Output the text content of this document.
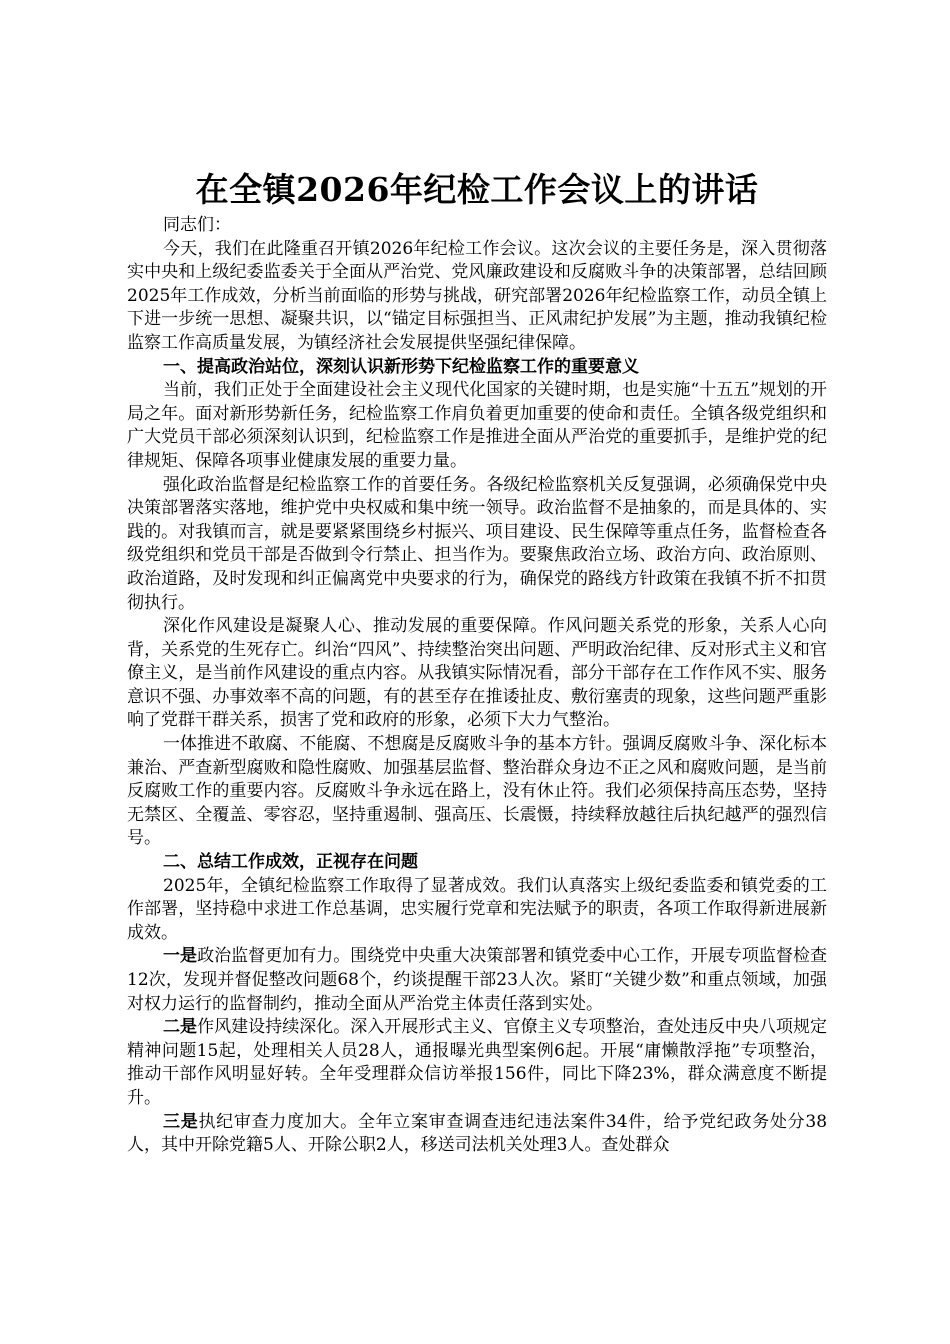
在全镇2026年纪检工作会议上的讲话

同志们：

今天，我们在此隆重召开镇2026年纪检工作会议。这次会议的主要任务是，深入贯彻落实中央和上级纪委监委关于全面从严治党、党风廉政建设和反腐败斗争的决策部署，总结回顾2025年工作成效，分析当前面临的形势与挑战，研究部署2026年纪检监察工作，动员全镇上下进一步统一思想、凝聚共识，以“锚定目标强担当、正风肃纪护发展”为主题，推动我镇纪检监察工作高质量发展，为镇经济社会发展提供坚强纪律保障。

一、提高政治站位，深刻认识新形势下纪检监察工作的重要意义

当前，我们正处于全面建设社会主义现代化国家的关键时期，也是实施“十五五”规划的开局之年。面对新形势新任务，纪检监察工作肩负着更加重要的使命和责任。全镇各级党组织和广大党员干部必须深刻认识到，纪检监察工作是推进全面从严治党的重要抓手，是维护党的纪律规矩、保障各项事业健康发展的重要力量。

强化政治监督是纪检监察工作的首要任务。各级纪检监察机关反复强调，必须确保党中央决策部署落实落地，维护党中央权威和集中统一领导。政治监督不是抽象的，而是具体的、实践的。对我镇而言，就是要紧紧围绕乡村振兴、项目建设、民生保障等重点任务，监督检查各级党组织和党员干部是否做到令行禁止、担当作为。要聚焦政治立场、政治方向、政治原则、政治道路，及时发现和纠正偏离党中央要求的行为，确保党的路线方针政策在我镇不折不扣贯彻执行。

深化作风建设是凝聚人心、推动发展的重要保障。作风问题关系党的形象，关系人心向背，关系党的生死存亡。纠治“四风”、持续整治突出问题、严明政治纪律、反对形式主义和官僚主义，是当前作风建设的重点内容。从我镇实际情况看，部分干部存在工作作风不实、服务意识不强、办事效率不高的问题，有的甚至存在推诿扯皮、敷衍塞责的现象，这些问题严重影响了党群干群关系，损害了党和政府的形象，必须下大力气整治。

一体推进不敢腐、不能腐、不想腐是反腐败斗争的基本方针。强调反腐败斗争、深化标本兼治、严查新型腐败和隐性腐败、加强基层监督、整治群众身边不正之风和腐败问题，是当前反腐败工作的重要内容。反腐败斗争永远在路上，没有休止符。我们必须保持高压态势，坚持无禁区、全覆盖、零容忍，坚持重遏制、强高压、长震慑，持续释放越往后执纪越严的强烈信号。

二、总结工作成效，正视存在问题

2025年，全镇纪检监察工作取得了显著成效。我们认真落实上级纪委监委和镇党委的工作部署，坚持稳中求进工作总基调，忠实履行党章和宪法赋予的职责，各项工作取得新进展新成效。

一是政治监督更加有力。围绕党中央重大决策部署和镇党委中心工作，开展专项监督检查12次，发现并督促整改问题68个，约谈提醒干部23人次。紧盯“关键少数”和重点领域，加强对权力运行的监督制约，推动全面从严治党主体责任落到实处。

二是作风建设持续深化。深入开展形式主义、官僚主义专项整治，查处违反中央八项规定精神问题15起，处理相关人员28人，通报曝光典型案例6起。开展“庸懒散浮拖”专项整治，推动干部作风明显好转。全年受理群众信访举报156件，同比下降23%，群众满意度不断提升。

三是执纪审查力度加大。全年立案审查调查违纪违法案件34件，给予党纪政务处分38人，其中开除党籍5人、开除公职2人，移送司法机关处理3人。查处群众
